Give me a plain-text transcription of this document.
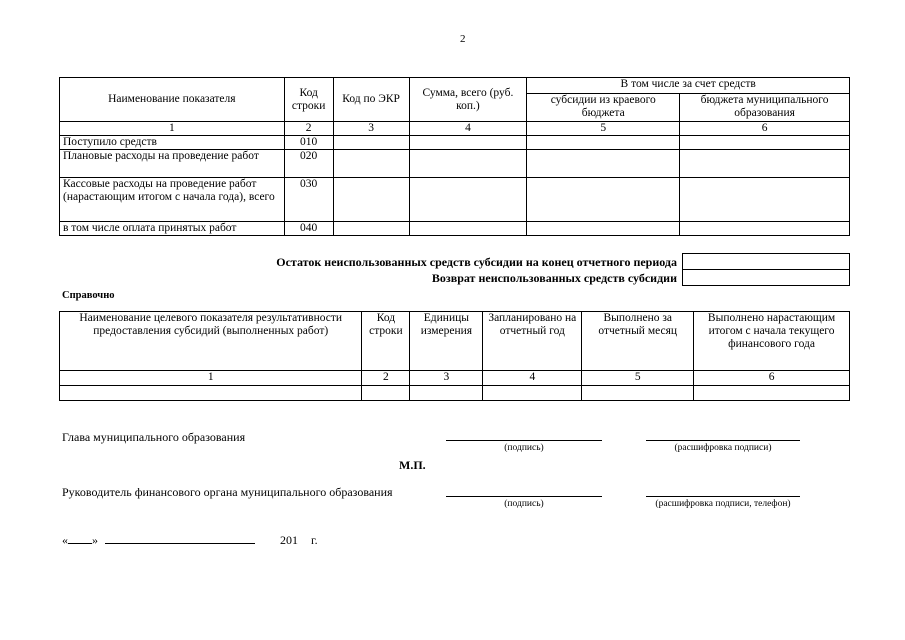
2
Наименование показателя	Код строки	Код по ЭКР	Сумма, всего (руб. коп.)	В том числе за счет средств	
				субсидии из краевого бюджета	бюджета муниципального образования
1	2	3	4	5	6
Поступило средств	010				
Плановые расходы на проведение работ	020				
Кассовые расходы на проведение работ (нарастающим итогом с начала года), всего	030				
в том числе оплата принятых работ	040				
Остаток неиспользованных средств субсидии на конец отчетного периода
Возврат неиспользованных средств субсидии
Справочно
Наименование целевого показателя результативности предоставления субсидий (выполненных работ)	Код строки	Единицы измерения	Запланировано на отчетный год	Выполнено за отчетный месяц	Выполнено нарастающим итогом с начала текущего финансового года
1	2	3	4	5	6

Глава муниципального образования
(подпись)	(расшифровка подписи)
М.П.
Руководитель финансового органа муниципального образования
(подпись)	(расшифровка подписи, телефон)
« »	201 г.
